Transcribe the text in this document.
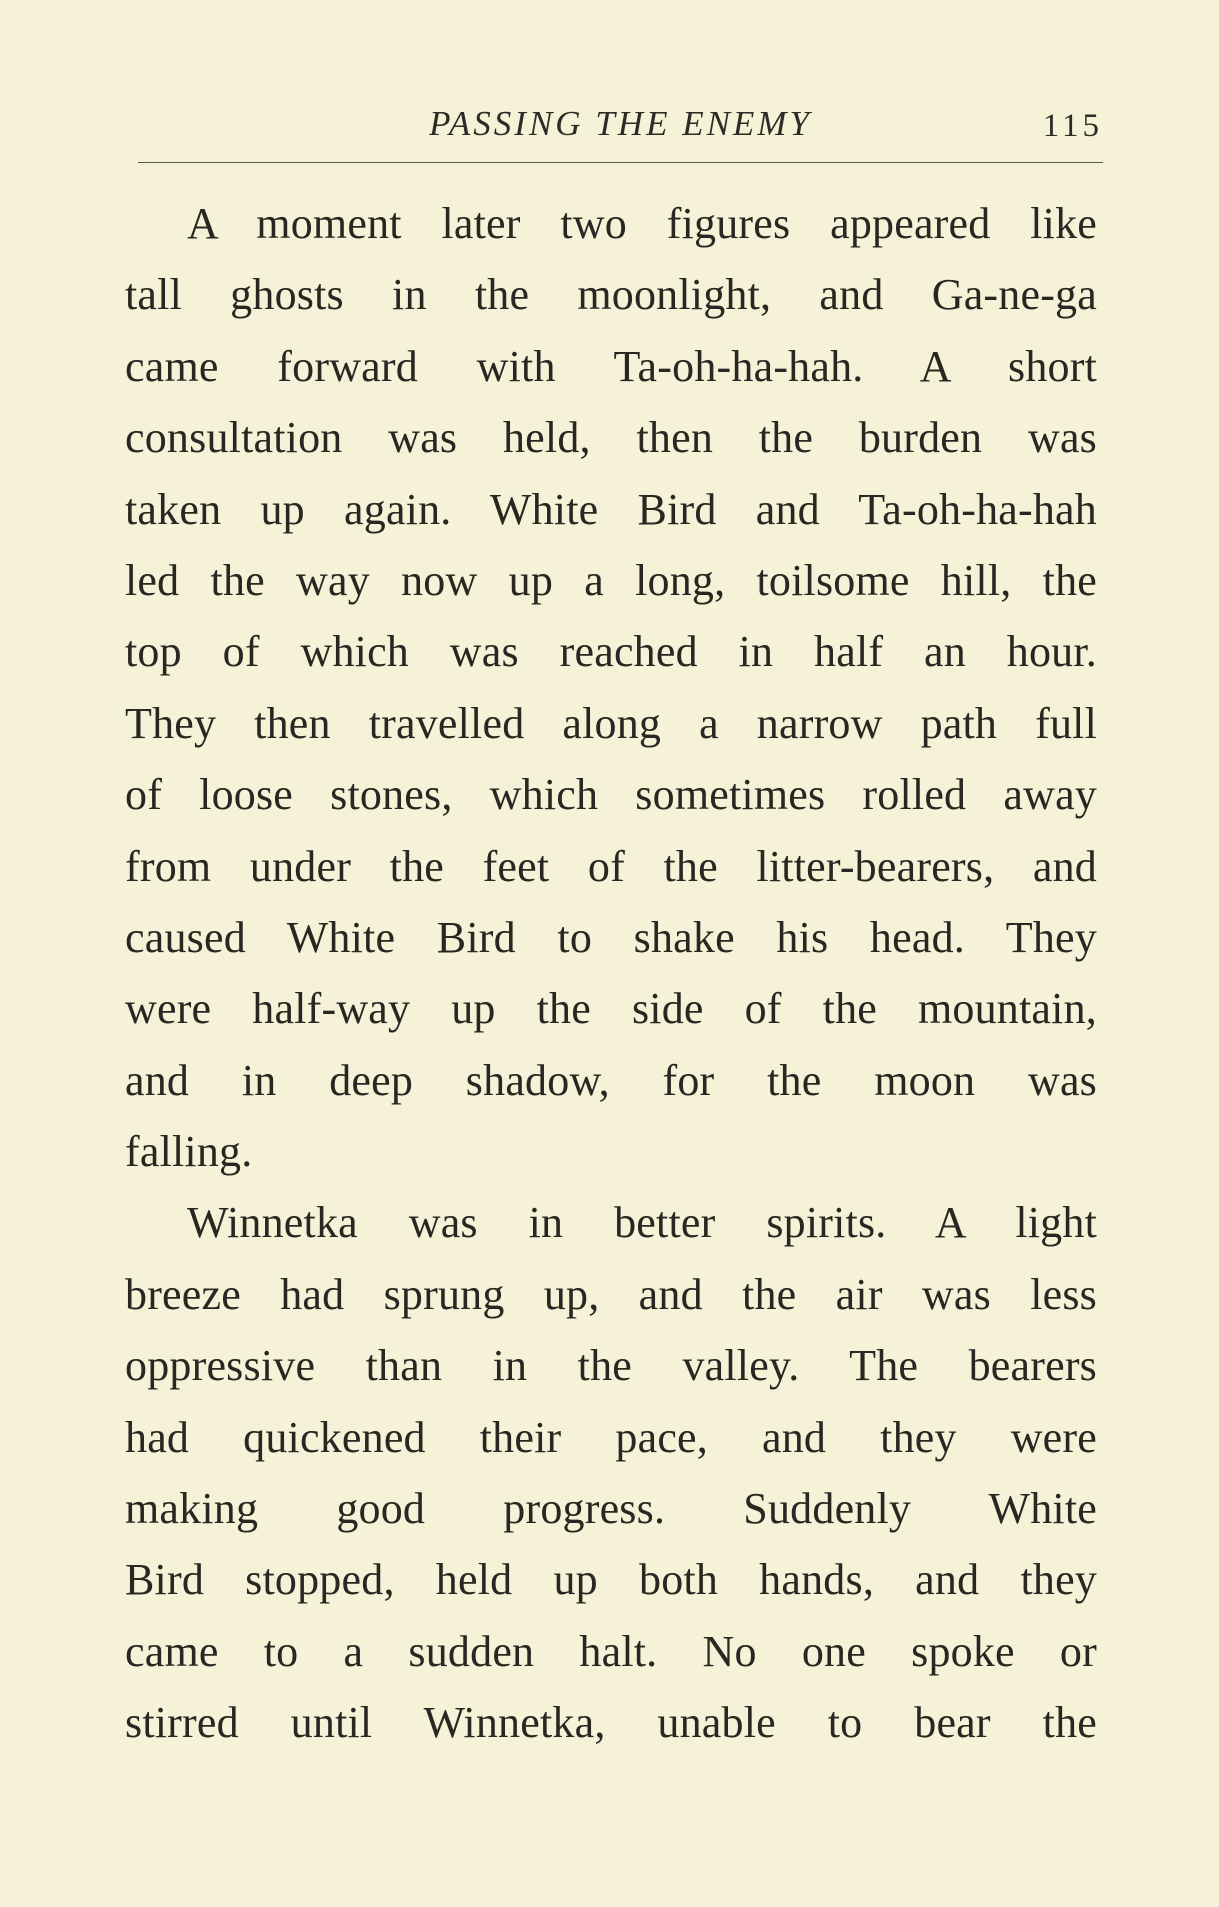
PASSING THE ENEMY	115
A moment later two figures appeared like
tall ghosts in the moonlight, and Ga-ne-ga
came forward with Ta-oh-ha-hah. A short
consultation was held, then the burden was
taken up again. White Bird and Ta-oh-ha-hah
led the way now up a long, toilsome hill, the
top of which was reached in half an hour.
They then travelled along a narrow path full
of loose stones, which sometimes rolled away
from under the feet of the litter-bearers, and
caused White Bird to shake his head. They
were half-way up the side of the mountain,
and in deep shadow, for the moon was
falling.
Winnetka was in better spirits. A light
breeze had sprung up, and the air was less
oppressive than in the valley. The bearers
had quickened their pace, and they were
making good progress. Suddenly White
Bird stopped, held up both hands, and they
came to a sudden halt. No one spoke or
stirred until Winnetka, unable to bear the
